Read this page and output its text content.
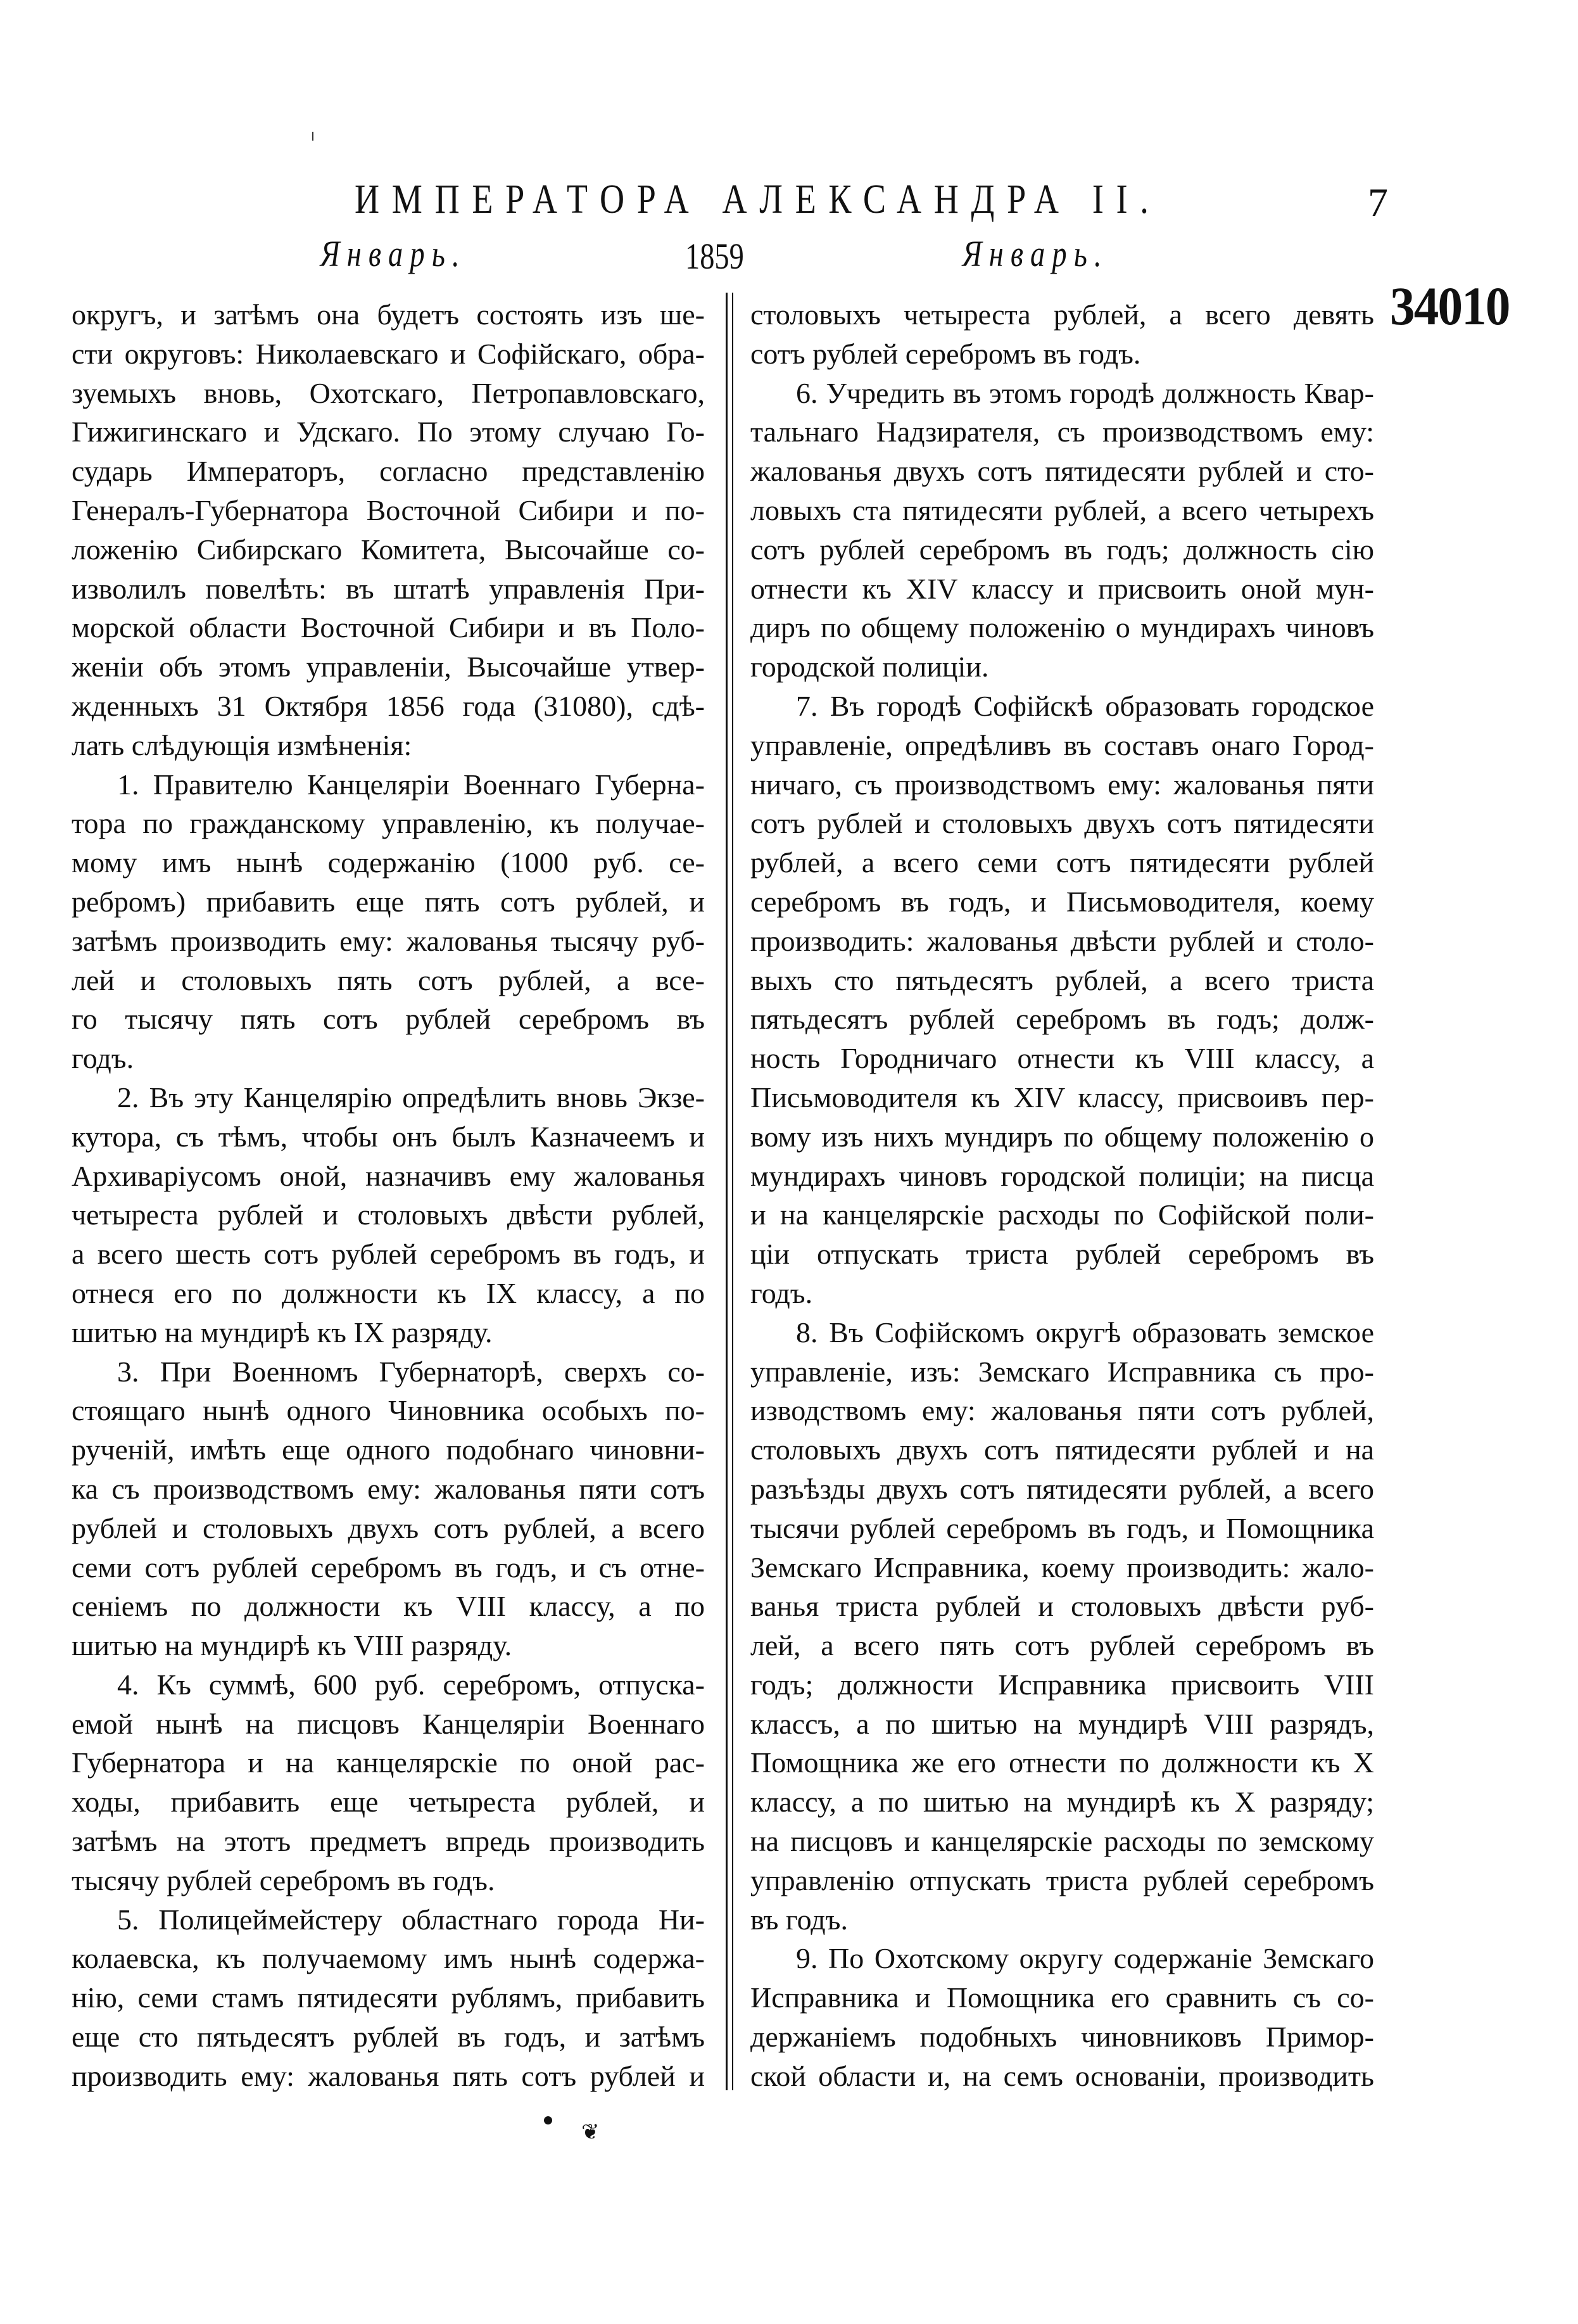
ИМПЕРАТОРА АЛЕКСАНДРА II.	7
Январь.	1859	Январь.
34010
округъ, и затѣмъ она будетъ состоять изъ ше-
сти округовъ: Николаевскаго и Софійскаго, обра-
зуемыхъ вновь, Охотскаго, Петропавловскаго,
Гижигинскаго и Удскаго. По этому случаю Го-
сударь Императоръ, согласно представленію
Генералъ-Губернатора Восточной Сибири и по-
ложенію Сибирскаго Комитета, Высочайше со-
изволилъ повелѣть: въ штатѣ управленія При-
морской области Восточной Сибири и въ Поло-
женіи объ этомъ управленіи, Высочайше утвер-
жденныхъ 31 Октября 1856 года (31080), сдѣ-
лать слѣдующія измѣненія:
1. Правителю Канцеляріи Военнаго Губерна-
тора по гражданскому управленію, къ получае-
мому имъ нынѣ содержанію (1000 руб. се-
ребромъ) прибавить еще пять сотъ рублей, и
затѣмъ производить ему: жалованья тысячу руб-
лей и столовыхъ пять сотъ рублей, а все-
го тысячу пять сотъ рублей серебромъ въ
годъ.
2. Въ эту Канцелярію опредѣлить вновь Экзе-
кутора, съ тѣмъ, чтобы онъ былъ Казначеемъ и
Архиваріусомъ оной, назначивъ ему жалованья
четыреста рублей и столовыхъ двѣсти рублей,
а всего шесть сотъ рублей серебромъ въ годъ, и
отнеся его по должности къ IX классу, а по
шитью на мундирѣ къ IX разряду.
3. При Военномъ Губернаторѣ, сверхъ со-
стоящаго нынѣ одного Чиновника особыхъ по-
рученій, имѣть еще одного подобнаго чиновни-
ка съ производствомъ ему: жалованья пяти сотъ
рублей и столовыхъ двухъ сотъ рублей, а всего
семи сотъ рублей серебромъ въ годъ, и съ отне-
сеніемъ по должности къ VIII классу, а по
шитью на мундирѣ къ VIII разряду.
4. Къ суммѣ, 600 руб. серебромъ, отпуска-
емой нынѣ на писцовъ Канцеляріи Военнаго
Губернатора и на канцелярскіе по оной рас-
ходы, прибавить еще четыреста рублей, и
затѣмъ на этотъ предметъ впредь производить
тысячу рублей серебромъ въ годъ.
5. Полицеймейстеру областнаго города Ни-
колаевска, къ получаемому имъ нынѣ содержа-
нію, семи стамъ пятидесяти рублямъ, прибавить
еще сто пятьдесятъ рублей въ годъ, и затѣмъ
производить ему: жалованья пять сотъ рублей и
столовыхъ четыреста рублей, а всего девять
сотъ рублей серебромъ въ годъ.
6. Учредить въ этомъ городѣ должность Квар-
тальнаго Надзирателя, съ производствомъ ему:
жалованья двухъ сотъ пятидесяти рублей и сто-
ловыхъ ста пятидесяти рублей, а всего четырехъ
сотъ рублей серебромъ въ годъ; должность сію
отнести къ XIV классу и присвоить оной мун-
диръ по общему положенію о мундирахъ чиновъ
городской полиціи.
7. Въ городѣ Софійскѣ образовать городское
управленіе, опредѣливъ въ составъ онаго Город-
ничаго, съ производствомъ ему: жалованья пяти
сотъ рублей и столовыхъ двухъ сотъ пятидесяти
рублей, а всего семи сотъ пятидесяти рублей
серебромъ въ годъ, и Письмоводителя, коему
производить: жалованья двѣсти рублей и столо-
выхъ сто пятьдесятъ рублей, а всего триста
пятьдесятъ рублей серебромъ въ годъ; долж-
ность Городничаго отнести къ VIII классу, а
Письмоводителя къ XIV классу, присвоивъ пер-
вому изъ нихъ мундиръ по общему положенію о
мундирахъ чиновъ городской полиціи; на писца
и на канцелярскіе расходы по Софійской поли-
ціи отпускать триста рублей серебромъ въ
годъ.
8. Въ Софійскомъ округѣ образовать земское
управленіе, изъ: Земскаго Исправника съ про-
изводствомъ ему: жалованья пяти сотъ рублей,
столовыхъ двухъ сотъ пятидесяти рублей и на
разъѣзды двухъ сотъ пятидесяти рублей, а всего
тысячи рублей серебромъ въ годъ, и Помощника
Земскаго Исправника, коему производить: жало-
ванья триста рублей и столовыхъ двѣсти руб-
лей, а всего пять сотъ рублей серебромъ въ
годъ; должности Исправника присвоить VIII
классъ, а по шитью на мундирѣ VIII разрядъ,
Помощника же его отнести по должности къ X
классу, а по шитью на мундирѣ къ X разряду;
на писцовъ и канцелярскіе расходы по земскому
управленію отпускать триста рублей серебромъ
въ годъ.
9. По Охотскому округу содержаніе Земскаго
Исправника и Помощника его сравнить съ со-
держаніемъ подобныхъ чиновниковъ Примор-
ской области и, на семъ основаніи, производить
❦
